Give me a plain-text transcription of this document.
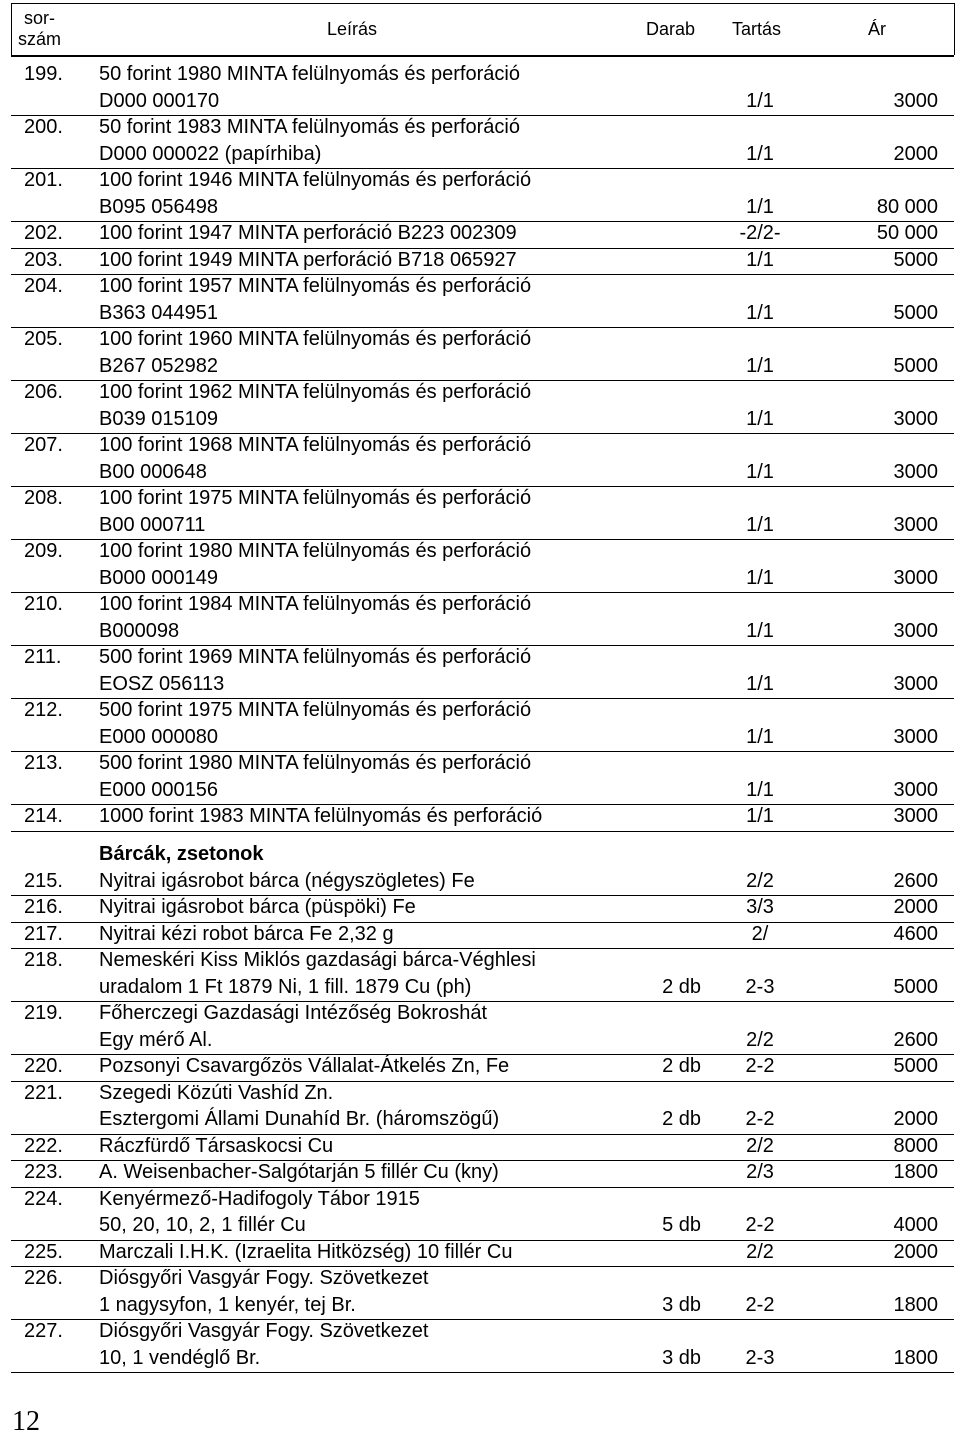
sor-
szám	Leírás	Darab Tartás	Ár
199. 50 forint 1980 MINTA felülnyomás és perforáció
D000 000170	1/1	3000
200. 50 forint 1983 MINTA felülnyomás és perforáció
D000 000022 (papírhiba)	1/1	2000
201. 100 forint 1946 MINTA felülnyomás és perforáció
B095 056498	1/1	80 000
202. 100 forint 1947 MINTA perforáció B223 002309	-2/2-	50 000
203. 100 forint 1949 MINTA perforáció B718 065927	1/1	5000
204. 100 forint 1957 MINTA felülnyomás és perforáció
B363 044951	1/1	5000
205. 100 forint 1960 MINTA felülnyomás és perforáció
B267 052982	1/1	5000
206. 100 forint 1962 MINTA felülnyomás és perforáció
B039 015109	1/1	3000
207. 100 forint 1968 MINTA felülnyomás és perforáció
B00 000648	1/1	3000
208. 100 forint 1975 MINTA felülnyomás és perforáció
B00 000711	1/1	3000
209. 100 forint 1980 MINTA felülnyomás és perforáció
B000 000149	1/1	3000
210. 100 forint 1984 MINTA felülnyomás és perforáció
B000098	1/1	3000
211. 500 forint 1969 MINTA felülnyomás és perforáció
EOSZ 056113	1/1	3000
212. 500 forint 1975 MINTA felülnyomás és perforáció
E000 000080	1/1	3000
213. 500 forint 1980 MINTA felülnyomás és perforáció
E000 000156	1/1	3000
214. 1000 forint 1983 MINTA felülnyomás és perforáció	1/1	3000
215. Nyitrai igásrobot bárca (négyszögletes) Fe	2/2	2600
216. Nyitrai igásrobot bárca (püspöki) Fe	3/3	2000
217. Nyitrai kézi robot bárca Fe 2,32 g	2/	4600
218. Nemeskéri Kiss Miklós gazdasági bárca-Véghlesi
uradalom 1 Ft 1879 Ni, 1 fill. 1879 Cu (ph)	2 db	2-3	5000
219. Főherczegi Gazdasági Intézőség Bokroshát
Egy mérő Al.	2/2	2600
220. Pozsonyi Csavargőzös Vállalat-Átkelés Zn, Fe	2 db	2-2	5000
221. Szegedi Közúti Vashíd Zn.
Esztergomi Állami Dunahíd Br. (háromszögű)	2 db	2-2	2000
222. Ráczfürdő Társaskocsi Cu	2/2	8000
223. A. Weisenbacher-Salgótarján 5 fillér Cu (kny)	2/3	1800
224. Kenyérmező-Hadifogoly Tábor 1915
50, 20, 10, 2, 1 fillér Cu	5 db	2-2	4000
225. Marczali I.H.K. (Izraelita Hitközség) 10 fillér Cu	2/2	2000
226. Diósgyőri Vasgyár Fogy. Szövetkezet
1 nagysyfon, 1 kenyér, tej Br.	3 db	2-2	1800
227. Diósgyőri Vasgyár Fogy. Szövetkezet
10, 1 vendéglő Br.	3 db	2-3	1800
Bárcák, zsetonok
12
